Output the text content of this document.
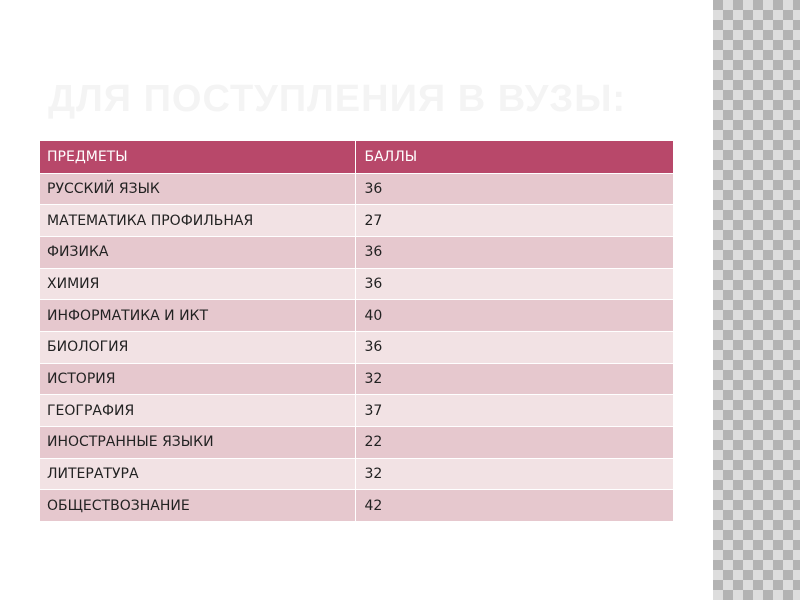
ДЛЯ ПОСТУПЛЕНИЯ В ВУЗЫ:
ПРЕДМЕТЫ	БАЛЛЫ
РУССКИЙ ЯЗЫК	36
МАТЕМАТИКА ПРОФИЛЬНАЯ	27
ФИЗИКА	36
ХИМИЯ	36
ИНФОРМАТИКА И ИКТ	40
БИОЛОГИЯ	36
ИСТОРИЯ	32
ГЕОГРАФИЯ	37
ИНОСТРАННЫЕ ЯЗЫКИ	22
ЛИТЕРАТУРА	32
ОБЩЕСТВОЗНАНИЕ	42
